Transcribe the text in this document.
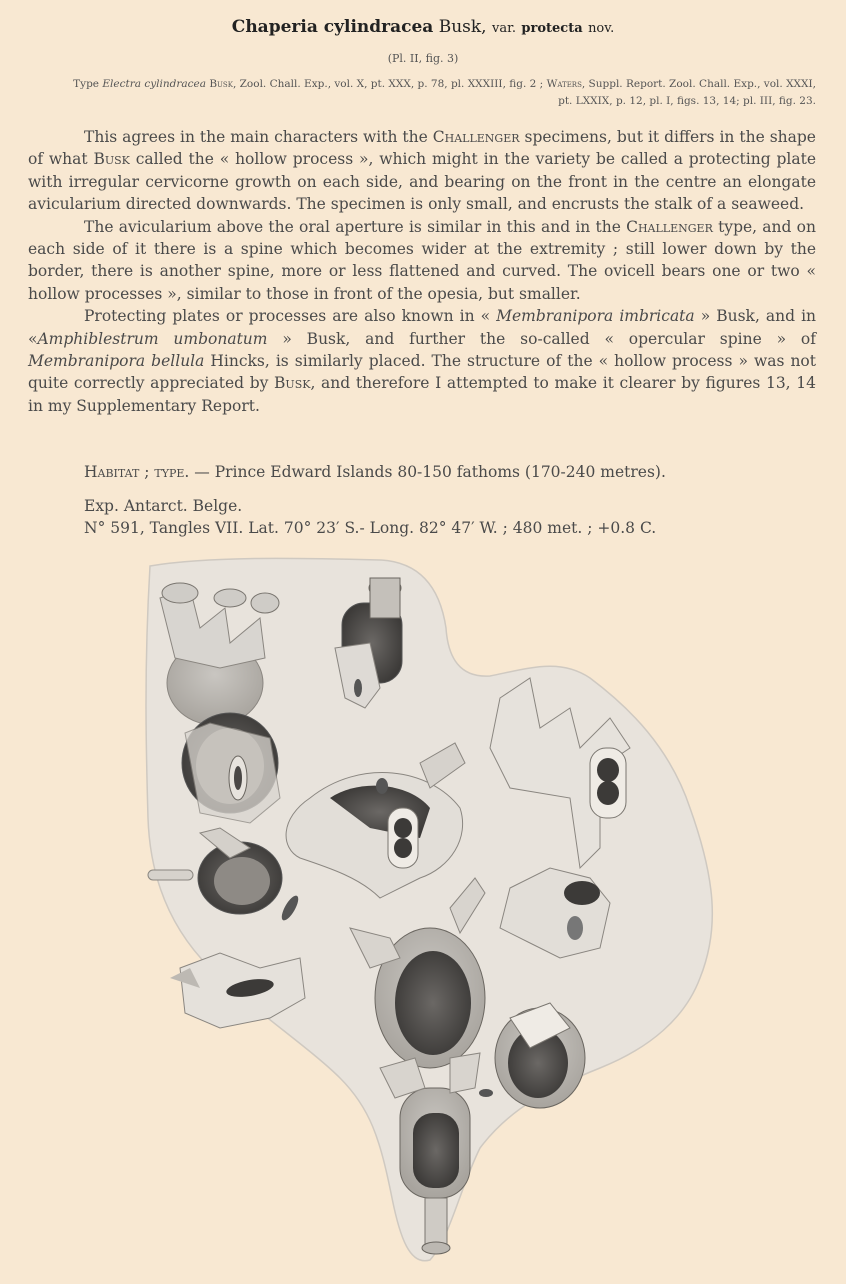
Chaperia cylindracea Busk, var. protecta nov.
(Pl. II, fig. 3)
Type Electra cylindracea Busk, Zool. Chall. Exp., vol. X, pt. XXX, p. 78, pl. XXXIII, fig. 2 ; Waters, Suppl. Report. Zool. Chall. Exp., vol. XXXI, pt. LXXIX, p. 12, pl. I, figs. 13, 14; pl. III, fig. 23.

This agrees in the main characters with the Challenger specimens, but it differs in the shape of what Busk called the « hollow process », which might in the variety be called a protecting plate with irregular cervicorne growth on each side, and bearing on the front in the centre an elongate avicularium directed downwards. The specimen is only small, and encrusts the stalk of a seaweed.

The avicularium above the oral aperture is similar in this and in the Challenger type, and on each side of it there is a spine which becomes wider at the extremity ; still lower down by the border, there is another spine, more or less flattened and curved. The ovicell bears one or two « hollow processes », similar to those in front of the opesia, but smaller.

Protecting plates or processes are also known in « Membranipora imbricata » Busk, and in «Amphiblestrum umbonatum » Busk, and further the so-called « opercular spine » of Membranipora bellula Hincks, is similarly placed. The structure of the « hollow process » was not quite correctly appreciated by Busk, and therefore I attempted to make it clearer by figures 13, 14 in my Supplementary Report.

Habitat ; type. — Prince Edward Islands 80-150 fathoms (170-240 metres).
Exp. Antarct. Belge.
N° 591, Tangles VII. Lat. 70° 23′ S.- Long. 82° 47′ W. ; 480 met. ; +0.8 C.
